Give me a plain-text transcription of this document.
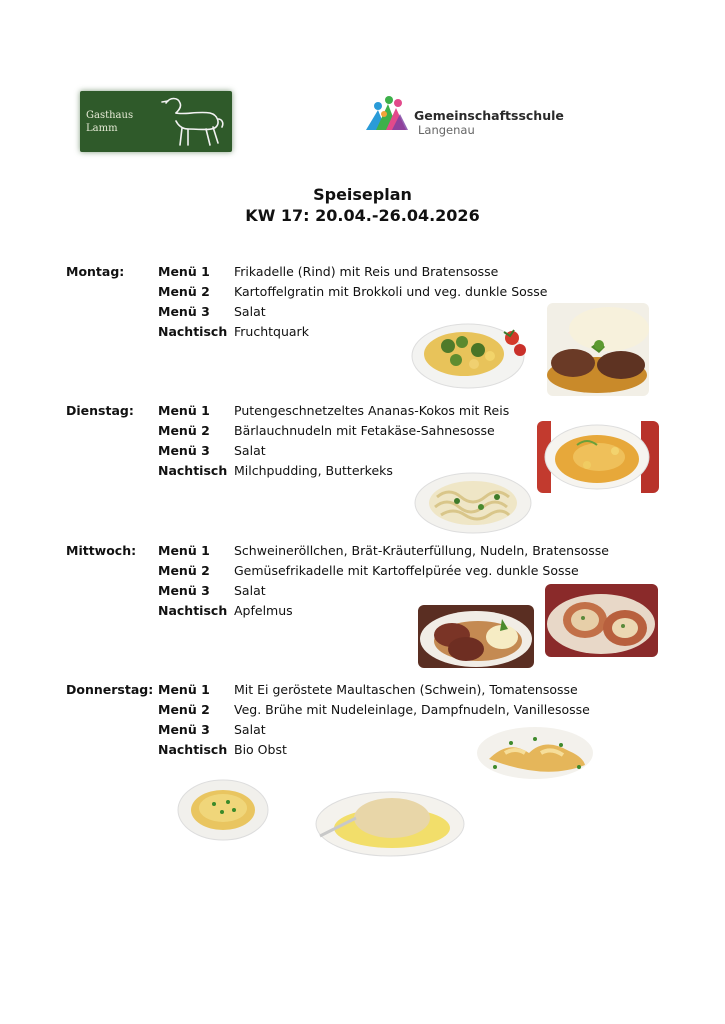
Gasthaus
Lamm
Gemeinschaftsschule
Langenau
Speiseplan
KW 17: 20.04.-26.04.2026
Montag:	Menü 1 Frikadelle (Rind) mit Reis und Bratensosse
Menü 2 Kartoffelgratin mit Brokkoli und veg. dunkle Sosse
Menü 3 Salat
Nachtisch Fruchtquark
Dienstag: Menü 1 Putengeschnetzeltes Ananas-Kokos mit Reis
Menü 2 Bärlauchnudeln mit Fetakäse-Sahnesosse
Menü 3 Salat
Nachtisch Milchpudding, Butterkeks
Mittwoch: Menü 1 Schweineröllchen, Brät-Kräuterfüllung, Nudeln, Bratensosse
Menü 2 Gemüsefrikadelle mit Kartoffelpürée veg. dunkle Sosse
Menü 3 Salat
Nachtisch Apfelmus
Donnerstag: Menü 1 Mit Ei geröstete Maultaschen (Schwein), Tomatensosse
Menü 2 Veg. Brühe mit Nudeleinlage, Dampfnudeln, Vanillesosse
Menü 3 Salat
Nachtisch Bio Obst
